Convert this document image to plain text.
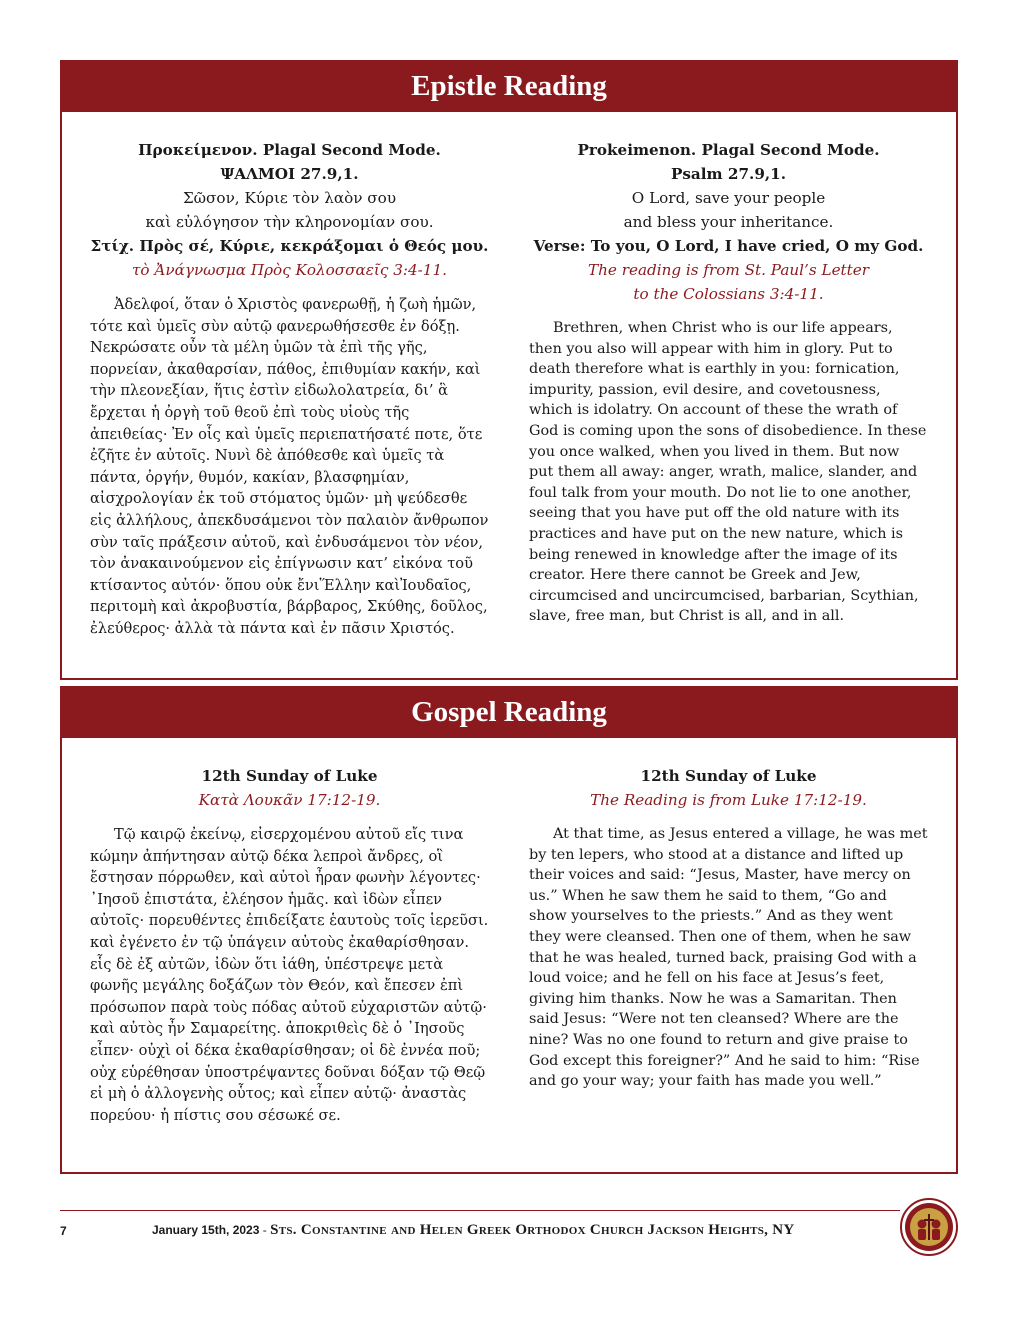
Epistle Reading
Προκείμενον. Plagal Second Mode.
ΨΑΛΜΟΙ 27.9,1.
Σῶσον, Κύριε τὸν λαὸν σου
καὶ εὐλόγησον τὴν κληρονομίαν σου.
Στίχ. Πρὸς σέ, Κύριε, κεκράξομαι ὁ Θεός μου.
τὸ Ἀνάγνωσμα Πρὸς Κολοσσαεῖς 3:4-11.
Ἀδελφοί, ὅταν ὁ Χριστὸς φανερωθῇ, ἡ ζωὴ ἡμῶν, τότε καὶ ὑμεῖς σὺν αὐτῷ φανερωθήσεσθε ἐν δόξῃ. Νεκρώσατε οὖν τὰ μέλη ὑμῶν τὰ ἐπὶ τῆς γῆς, πορνείαν, ἀκαθαρσίαν, πάθος, ἐπιθυμίαν κακήν, καὶ τὴν πλεονεξίαν, ἥτις ἐστὶν εἰδωλολατρεία, δι’ ἃ ἔρχεται ἡ ὀργὴ τοῦ θεοῦ ἐπὶ τοὺς υἱοὺς τῆς ἀπειθείας· Ἐν οἷς καὶ ὑμεῖς περιεπατήσατέ ποτε, ὅτε ἐζῆτε ἐν αὐτοῖς. Νυνὶ δὲ ἀπόθεσθε καὶ ὑμεῖς τὰ πάντα, ὀργήν, θυμόν, κακίαν, βλασφημίαν, αἰσχρολογίαν ἐκ τοῦ στόματος ὑμῶν· μὴ ψεύδεσθε εἰς ἀλλήλους, ἀπεκδυσάμενοι τὸν παλαιὸν ἄνθρωπον σὺν ταῖς πράξεσιν αὐτοῦ, καὶ ἐνδυσάμενοι τὸν νέον, τὸν ἀνακαινούμενον εἰς ἐπίγνωσιν κατ’ εἰκόνα τοῦ κτίσαντος αὐτόν· ὅπου οὐκ ἔνιἝλλην καὶἸουδαῖος, περιτομὴ καὶ ἀκροβυστία, βάρβαρος, Σκύθης, δοῦλος, ἐλεύθερος· ἀλλὰ τὰ πάντα καὶ ἐν πᾶσιν Χριστός.
Prokeimenon. Plagal Second Mode.
Psalm 27.9,1.
O Lord, save your people
and bless your inheritance.
Verse: To you, O Lord, I have cried, O my God.
The reading is from St. Paul’s Letter
to the Colossians 3:4-11.
Brethren, when Christ who is our life appears, then you also will appear with him in glory. Put to death therefore what is earthly in you: fornication, impurity, passion, evil desire, and covetousness, which is idolatry. On account of these the wrath of God is coming upon the sons of disobedience. In these you once walked, when you lived in them. But now put them all away: anger, wrath, malice, slander, and foul talk from your mouth. Do not lie to one another, seeing that you have put off the old nature with its practices and have put on the new nature, which is being renewed in knowledge after the image of its creator. Here there cannot be Greek and Jew, circumcised and uncircumcised, barbarian, Scythian, slave, free man, but Christ is all, and in all.
Gospel Reading
12th Sunday of Luke
Κατὰ Λουκᾶν 17:12-19.
Τῷ καιρῷ ἐκείνῳ, εἰσερχομένου αὐτοῦ εἴς τινα κώμην ἀπήντησαν αὐτῷ δέκα λεπροὶ ἄνδρες, οἳ ἔστησαν πόρρωθεν, καὶ αὐτοὶ ἦραν φωνὴν λέγοντες· ᾿Ιησοῦ ἐπιστάτα, ἐλέησον ἡμᾶς. καὶ ἰδὼν εἶπεν αὐτοῖς· πορευθέντες ἐπιδείξατε ἑαυτοὺς τοῖς ἱερεῦσι. καὶ ἐγένετο ἐν τῷ ὑπάγειν αὐτοὺς ἐκαθαρίσθησαν. εἷς δὲ ἐξ αὐτῶν, ἰδὼν ὅτι ἰάθη, ὑπέστρεψε μετὰ φωνῆς μεγάλης δοξάζων τὸν Θεόν, καὶ ἔπεσεν ἐπὶ πρόσωπον παρὰ τοὺς πόδας αὐτοῦ εὐχαριστῶν αὐτῷ· καὶ αὐτὸς ἦν Σαμαρείτης. ἀποκριθεὶς δὲ ὁ ᾿Ιησοῦς εἶπεν· οὐχὶ οἱ δέκα ἐκαθαρίσθησαν; οἱ δὲ ἐννέα ποῦ; οὐχ εὑρέθησαν ὑποστρέψαντες δοῦναι δόξαν τῷ Θεῷ εἰ μὴ ὁ ἀλλογενὴς οὗτος; καὶ εἶπεν αὐτῷ· ἀναστὰς πορεύου· ἡ πίστις σου σέσωκέ σε.
12th Sunday of Luke
The Reading is from Luke 17:12-19.
At that time, as Jesus entered a village, he was met by ten lepers, who stood at a distance and lifted up their voices and said: “Jesus, Master, have mercy on us.” When he saw them he said to them, “Go and show yourselves to the priests.” And as they went they were cleansed. Then one of them, when he saw that he was healed, turned back, praising God with a loud voice; and he fell on his face at Jesus’s feet, giving him thanks. Now he was a Samaritan. Then said Jesus: “Were not ten cleansed? Where are the nine? Was no one found to return and give praise to God except this foreigner?” And he said to him: “Rise and go your way; your faith has made you well.”
7	January 15th, 2023 - Sts. Constantine and Helen Greek Orthodox Church Jackson Heights, NY
